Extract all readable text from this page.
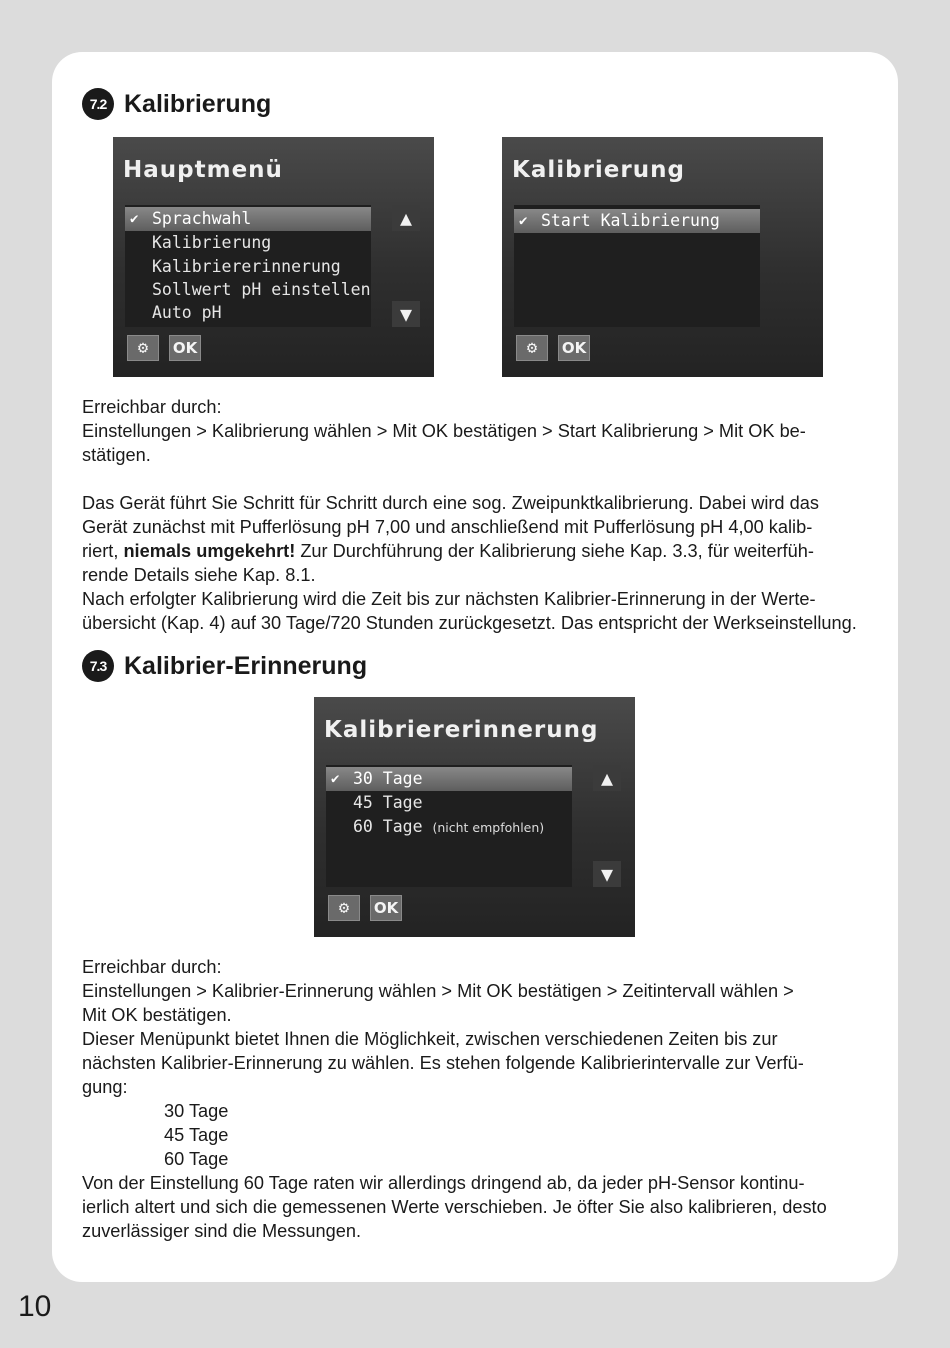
7.2 Kalibrierung
Hauptmenü
✔ Sprachwahl
Kalibrierung
Kalibriererinnerung
Sollwert pH einstellen
Auto pH
▲
▼
⚙	OK
Kalibrierung
✔ Start Kalibrierung
⚙	OK

Erreichbar durch:

Einstellungen > Kalibrierung wählen > Mit OK bestätigen > Start Kalibrierung > Mit OK be-

stätigen.

Das Gerät führt Sie Schritt für Schritt durch eine sog. Zweipunktkalibrierung. Dabei wird das

Gerät zunächst mit Pufferlösung pH 7,00 und anschließend mit Pufferlösung pH 4,00 kalib-

riert, niemals umgekehrt! Zur Durchführung der Kalibrierung siehe Kap. 3.3, für weiterfüh-

rende Details siehe Kap. 8.1.

Nach erfolgter Kalibrierung wird die Zeit bis zur nächsten Kalibrier-Erinnerung in der Werte-

übersicht (Kap. 4) auf 30 Tage/720 Stunden zurückgesetzt. Das entspricht der Werkseinstellung.

7.3 Kalibrier-Erinnerung
Kalibriererinnerung
✔ 30 Tage
45 Tage
60 Tage (nicht empfohlen)
▲
▼
⚙	OK

Erreichbar durch:

Einstellungen > Kalibrier-Erinnerung wählen > Mit OK bestätigen > Zeitintervall wählen >

Mit OK bestätigen.

Dieser Menüpunkt bietet Ihnen die Möglichkeit, zwischen verschiedenen Zeiten bis zur

nächsten Kalibrier-Erinnerung zu wählen. Es stehen folgende Kalibrierintervalle zur Verfü-

gung:

30 Tage

45 Tage

60 Tage

Von der Einstellung 60 Tage raten wir allerdings dringend ab, da jeder pH-Sensor kontinu-

ierlich altert und sich die gemessenen Werte verschieben. Je öfter Sie also kalibrieren, desto

zuverlässiger sind die Messungen.

10
